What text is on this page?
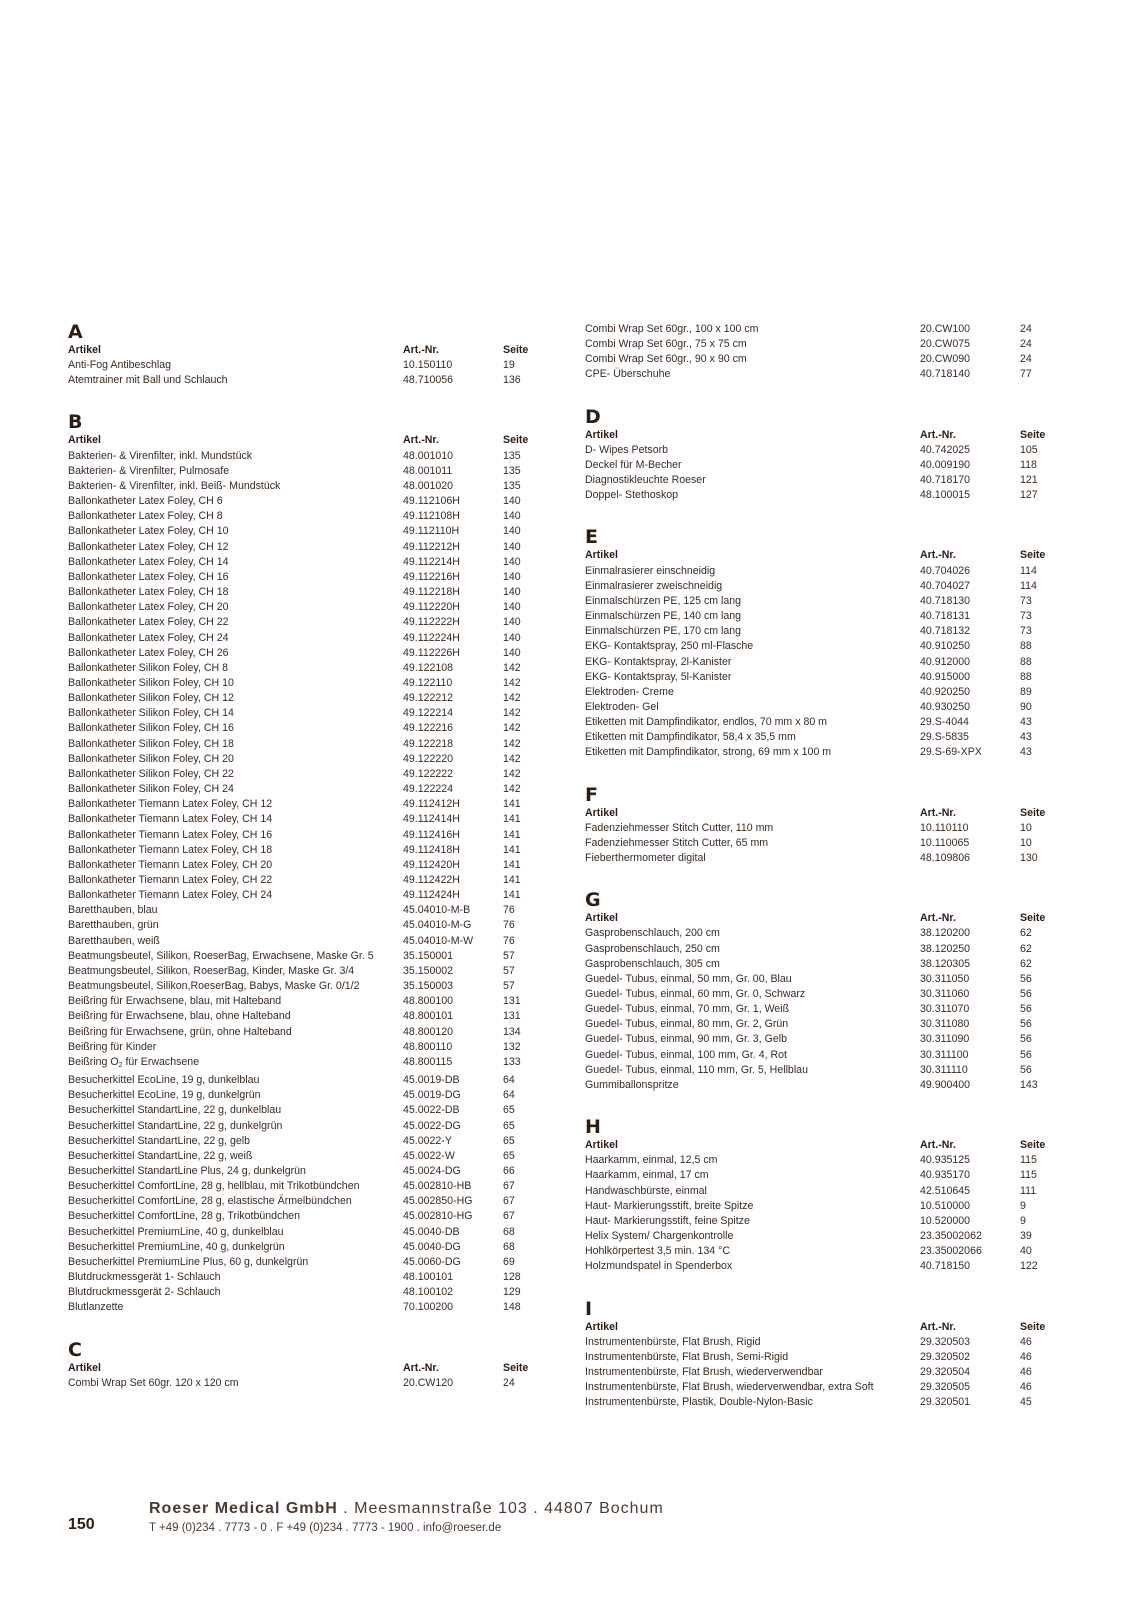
A
Artikel	Art.-Nr.	Seite
Anti-Fog Antibeschlag	10.150110	19
Atemtrainer mit Ball und Schlauch	48.710056	136
B
Artikel	Art.-Nr.	Seite
Bakterien- & Virenfilter, inkl. Mundstück	48.001010	135
Bakterien- & Virenfilter, Pulmosafe	48.001011	135
Bakterien- & Virenfilter, inkl. Beiß- Mundstück	48.001020	135
Ballonkatheter Latex Foley, CH 6	49.112106H	140
Ballonkatheter Latex Foley, CH 8	49.112108H	140
Ballonkatheter Latex Foley, CH 10	49.112110H	140
Ballonkatheter Latex Foley, CH 12	49.112212H	140
Ballonkatheter Latex Foley, CH 14	49.112214H	140
Ballonkatheter Latex Foley, CH 16	49.112216H	140
Ballonkatheter Latex Foley, CH 18	49.112218H	140
Ballonkatheter Latex Foley, CH 20	49.112220H	140
Ballonkatheter Latex Foley, CH 22	49.112222H	140
Ballonkatheter Latex Foley, CH 24	49.112224H	140
Ballonkatheter Latex Foley, CH 26	49.112226H	140
Ballonkatheter Silikon Foley, CH 8	49.122108	142
Ballonkatheter Silikon Foley, CH 10	49.122110	142
Ballonkatheter Silikon Foley, CH 12	49.122212	142
Ballonkatheter Silikon Foley, CH 14	49.122214	142
Ballonkatheter Silikon Foley, CH 16	49.122216	142
Ballonkatheter Silikon Foley, CH 18	49.122218	142
Ballonkatheter Silikon Foley, CH 20	49.122220	142
Ballonkatheter Silikon Foley, CH 22	49.122222	142
Ballonkatheter Silikon Foley, CH 24	49.122224	142
Ballonkatheter Tiemann Latex Foley, CH 12	49.112412H	141
Ballonkatheter Tiemann Latex Foley, CH 14	49.112414H	141
Ballonkatheter Tiemann Latex Foley, CH 16	49.112416H	141
Ballonkatheter Tiemann Latex Foley, CH 18	49.112418H	141
Ballonkatheter Tiemann Latex Foley, CH 20	49.112420H	141
Ballonkatheter Tiemann Latex Foley, CH 22	49.112422H	141
Ballonkatheter Tiemann Latex Foley, CH 24	49.112424H	141
Baretthauben, blau	45.04010-M-B	76
Baretthauben, grün	45.04010-M-G	76
Baretthauben, weiß	45.04010-M-W	76
Beatmungsbeutel, Silikon, RoeserBag, Erwachsene, Maske Gr. 5	35.150001	57
Beatmungsbeutel, Silikon, RoeserBag, Kinder, Maske Gr. 3/4	35.150002	57
Beatmungsbeutel, Silikon,RoeserBag, Babys, Maske Gr. 0/1/2	35.150003	57
Beißring für Erwachsene, blau, mit Halteband	48.800100	131
Beißring für Erwachsene, blau, ohne Halteband	48.800101	131
Beißring für Erwachsene, grün, ohne Halteband	48.800120	134
Beißring für Kinder	48.800110	132
Beißring $O_2$ für Erwachsene	48.800115	133
Besucherkittel EcoLine, 19 g, dunkelblau	45.0019-DB	64
Besucherkittel EcoLine, 19 g, dunkelgrün	45.0019-DG	64
Besucherkittel StandartLine, 22 g, dunkelblau	45.0022-DB	65
Besucherkittel StandartLine, 22 g, dunkelgrün	45.0022-DG	65
Besucherkittel StandartLine, 22 g, gelb	45.0022-Y	65
Besucherkittel StandartLine, 22 g, weiß	45.0022-W	65
Besucherkittel StandartLine Plus, 24 g, dunkelgrün	45.0024-DG	66
Besucherkittel ComfortLine, 28 g, hellblau, mit Trikotbündchen	45.002810-HB	67
Besucherkittel ComfortLine, 28 g, elastische Ärmelbündchen	45.002850-HG	67
Besucherkittel ComfortLine, 28 g, Trikotbündchen	45.002810-HG	67
Besucherkittel PremiumLine, 40 g, dunkelblau	45.0040-DB	68
Besucherkittel PremiumLine, 40 g, dunkelgrün	45.0040-DG	68
Besucherkittel PremiumLine Plus, 60 g, dunkelgrün	45.0060-DG	69
Blutdruckmessgerät 1- Schlauch	48.100101	128
Blutdruckmessgerät 2- Schlauch	48.100102	129
Blutlanzette	70.100200	148
C
Artikel	Art.-Nr.	Seite
Combi Wrap Set 60gr. 120 x 120 cm	20.CW120	24
Combi Wrap Set 60gr., 100 x 100 cm	20.CW100	24
Combi Wrap Set 60gr., 75 x 75 cm	20.CW075	24
Combi Wrap Set 60gr., 90 x 90 cm	20.CW090	24
CPE- Überschuhe	40.718140	77
D
Artikel	Art.-Nr.	Seite
D- Wipes Petsorb	40.742025	105
Deckel für M-Becher	40.009190	118
Diagnostikleuchte Roeser	40.718170	121
Doppel- Stethoskop	48.100015	127
E
Artikel	Art.-Nr.	Seite
Einmalrasierer einschneidig	40.704026	114
Einmalrasierer zweischneidig	40.704027	114
Einmalschürzen PE, 125 cm lang	40.718130	73
Einmalschürzen PE, 140 cm lang	40.718131	73
Einmalschürzen PE, 170 cm lang	40.718132	73
EKG- Kontaktspray, 250 ml-Flasche	40.910250	88
EKG- Kontaktspray, 2l-Kanister	40.912000	88
EKG- Kontaktspray, 5l-Kanister	40.915000	88
Elektroden- Creme	40.920250	89
Elektroden- Gel	40.930250	90
Etiketten mit Dampfindikator, endlos, 70 mm x 80 m	29.S-4044	43
Etiketten mit Dampfindikator, 58,4 x 35,5 mm	29.S-5835	43
Etiketten mit Dampfindikator, strong, 69 mm x 100 m	29.S-69-XPX	43
F
Artikel	Art.-Nr.	Seite
Fadenziehmesser Stitch Cutter, 110 mm	10.110110	10
Fadenziehmesser Stitch Cutter, 65 mm	10.110065	10
Fieberthermometer digital	48.109806	130
G
Artikel	Art.-Nr.	Seite
Gasprobenschlauch, 200 cm	38.120200	62
Gasprobenschlauch, 250 cm	38.120250	62
Gasprobenschlauch, 305 cm	38.120305	62
Guedel- Tubus, einmal, 50 mm, Gr. 00, Blau	30.311050	56
Guedel- Tubus, einmal, 60 mm, Gr. 0, Schwarz	30.311060	56
Guedel- Tubus, einmal, 70 mm, Gr. 1, Weiß	30.311070	56
Guedel- Tubus, einmal, 80 mm, Gr. 2, Grün	30.311080	56
Guedel- Tubus, einmal, 90 mm, Gr. 3, Gelb	30.311090	56
Guedel- Tubus, einmal, 100 mm, Gr. 4, Rot	30.311100	56
Guedel- Tubus, einmal, 110 mm, Gr. 5, Hellblau	30.311110	56
Gummiballonspritze	49.900400	143
H
Artikel	Art.-Nr.	Seite
Haarkamm, einmal, 12,5 cm	40.935125	115
Haarkamm, einmal, 17 cm	40.935170	115
Handwaschbürste, einmal	42.510645	111
Haut- Markierungsstift, breite Spitze	10.510000	9
Haut- Markierungsstift, feine Spitze	10.520000	9
Helix System/ Chargenkontrolle	23.35002062	39
Hohlkörpertest 3,5 min. 134 °C	23.35002066	40
Holzmundspatel in Spenderbox	40.718150	122
I
Artikel	Art.-Nr.	Seite
Instrumentenbürste, Flat Brush, Rigid	29.320503	46
Instrumentenbürste, Flat Brush, Semi-Rigid	29.320502	46
Instrumentenbürste, Flat Brush, wiederverwendbar	29.320504	46
Instrumentenbürste, Flat Brush, wiederverwendbar, extra Soft	29.320505	46
Instrumentenbürste, Plastik, Double-Nylon-Basic	29.320501	45
150
Roeser Medical GmbH . Meesmannstraße 103 . 44807 Bochum
T +49 (0)234 . 7773 - 0 . F +49 (0)234 . 7773 - 1900 . info@roeser.de
